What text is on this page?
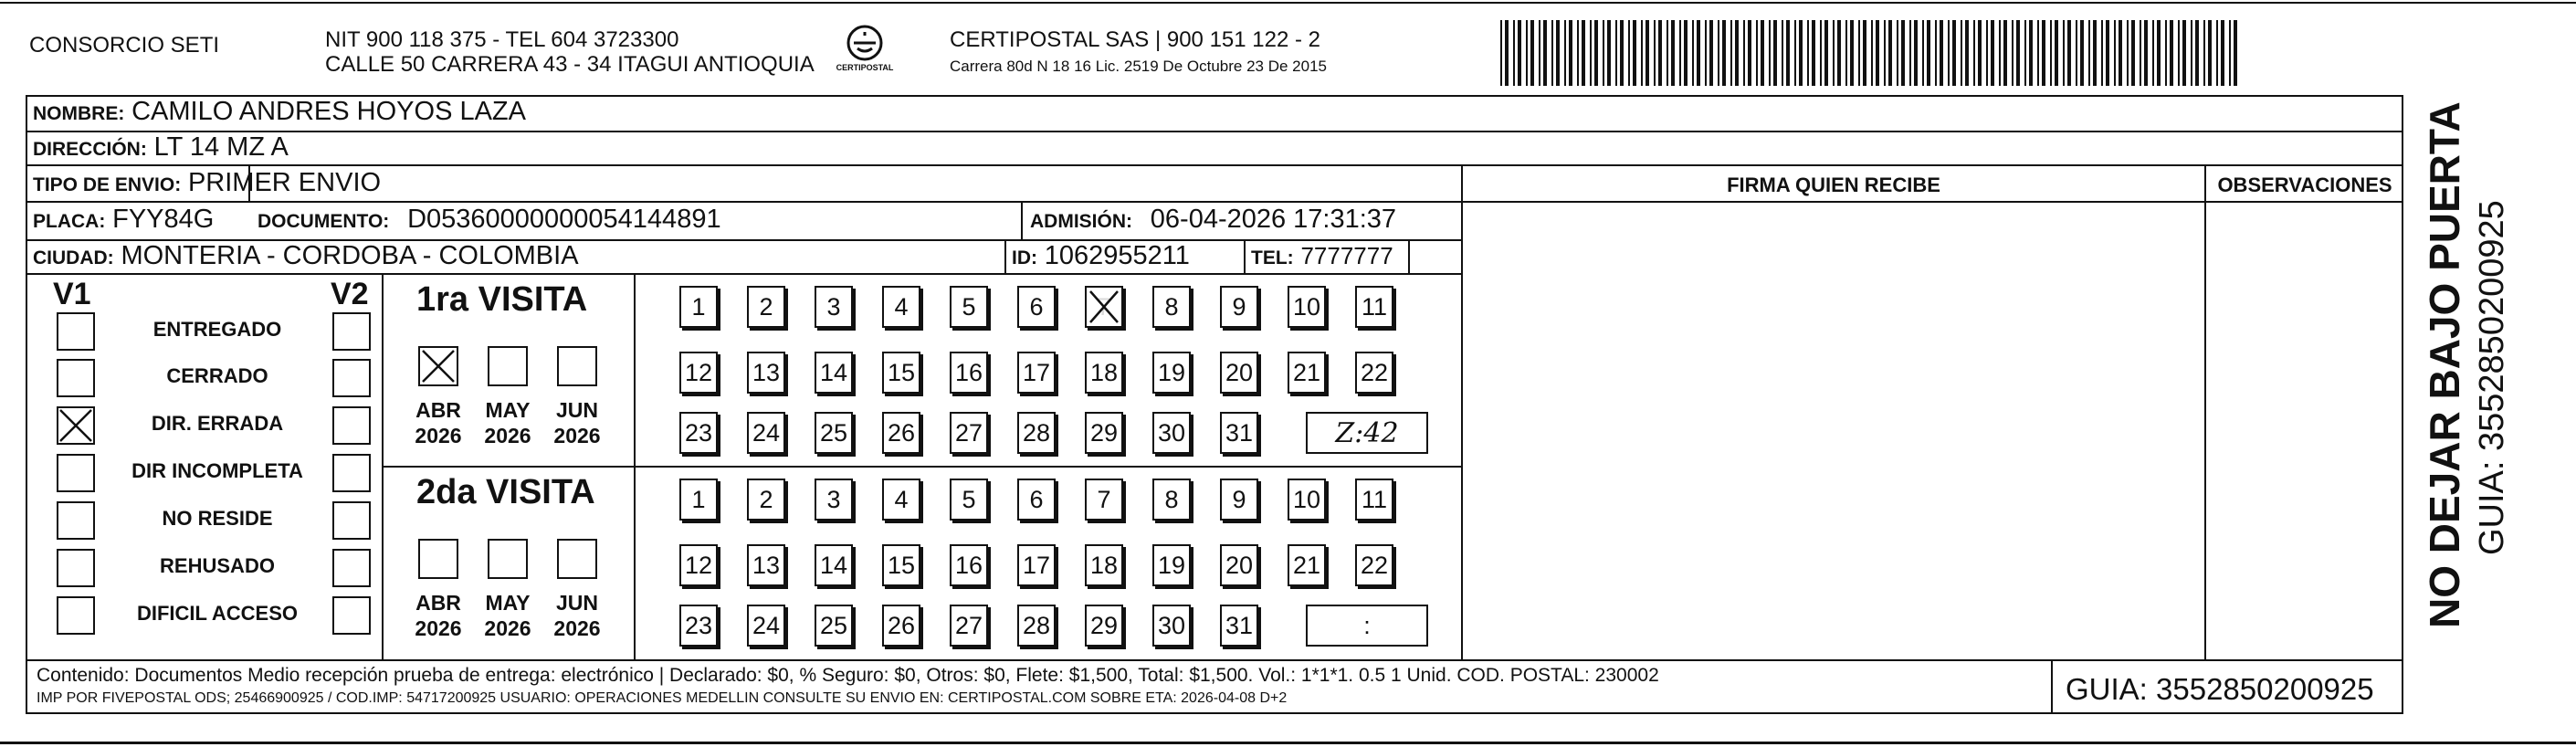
CONSORCIO SETI	NIT 900 118 375 - TEL 604 3723300
CALLE 50 CARRERA 43 - 34 ITAGUI ANTIOQUIA	CERTIPOSTAL
CERTIPOSTAL SAS | 900 151 122 - 2
Carrera 80d N 18 16 Lic. 2519 De Octubre 23 De 2015
NOMBRE: CAMILO ANDRES HOYOS LAZA
DIRECCIÓN: LT 14 MZ A
TIPO DE ENVIO: PRIMER ENVIO
PLACA: FYY84G DOCUMENTO: D05360000000054144891	ADMISIÓN: 06-04-2026 17:31:37
CIUDAD: MONTERIA - CORDOBA - COLOMBIA	ID: 1062955211	TEL: 7777777
FIRMA QUIEN RECIBE	OBSERVACIONES
V1	V2
ENTREGADO
CERRADO
DIR. ERRADA
DIR INCOMPLETA
NO RESIDE
REHUSADO
DIFICIL ACCESO
1ra VISITA
ABR
2026
MAY
2026
JUN
2026
1 2 3 4 5 6 7 8 9 10 11
12 13 14 15 16 17 18 19 20 21 22
23 24 25 26 27 28 29 30 31	Z:42
2da VISITA
ABR
2026
MAY
2026
JUN
2026
1 2 3 4 5 6 7 8 9 10 11
12 13 14 15 16 17 18 19 20 21 22
23 24 25 26 27 28 29 30 31	:
Contenido: Documentos Medio recepción prueba de entrega: electrónico | Declarado: $0, % Seguro: $0, Otros: $0, Flete: $1,500, Total: $1,500. Vol.: 1*1*1. 0.5 1 Unid. COD. POSTAL: 230002
IMP POR FIVEPOSTAL ODS; 25466900925 / COD.IMP: 54717200925 USUARIO: OPERACIONES MEDELLIN CONSULTE SU ENVIO EN: CERTIPOSTAL.COM SOBRE ETA: 2026-04-08 D+2	GUIA: 3552850200925
NO DEJAR BAJO PUERTA GUIA: 3552850200925
